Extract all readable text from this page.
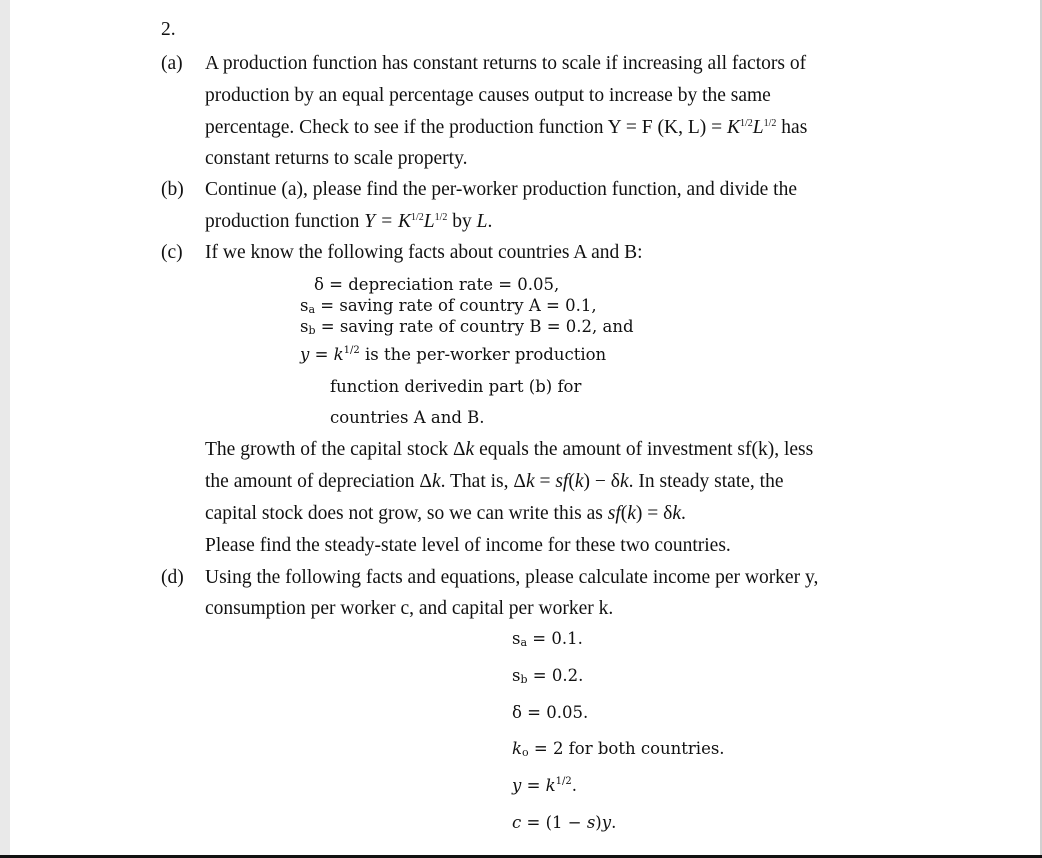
2.
(a) A production function has constant returns to scale if increasing all factors of
production by an equal percentage causes output to increase by the same
percentage. Check to see if the production function Y = F (K, $L) = K^{1/2}L^{1/2}$ has
constant returns to scale property.
(b) Continue (a), please find the per-worker production function, and divide the
production function $Y = K^{1/2}L^{1/2}$ by L.
(c) If we know the following facts about countries A and B:
δ = depreciation rate = 0.05,
$s_a$ = saving rate of country A = 0.1,
$s_b$ = saving rate of country B = 0.2, and
$y = k^{1/2}$ is the per-worker production
function derivedin part (b) for
countries A and B.
The growth of the capital stock Δk equals the amount of investment sf(k), less
the amount of depreciation Δk. That is, Δk = sf(k) − δk. In steady state, the
capital stock does not grow, so we can write this as sf(k) = δk.
Please find the steady-state level of income for these two countries.
(d) Using the following facts and equations, please calculate income per worker y,
consumption per worker c, and capital per worker k.
$s_a = 0.1$.
$s_b = 0.2$.
δ = 0.05.
$k_o = 2$ for both countries.
$y = k^{1/2}$.
c = (1 − s)y.
